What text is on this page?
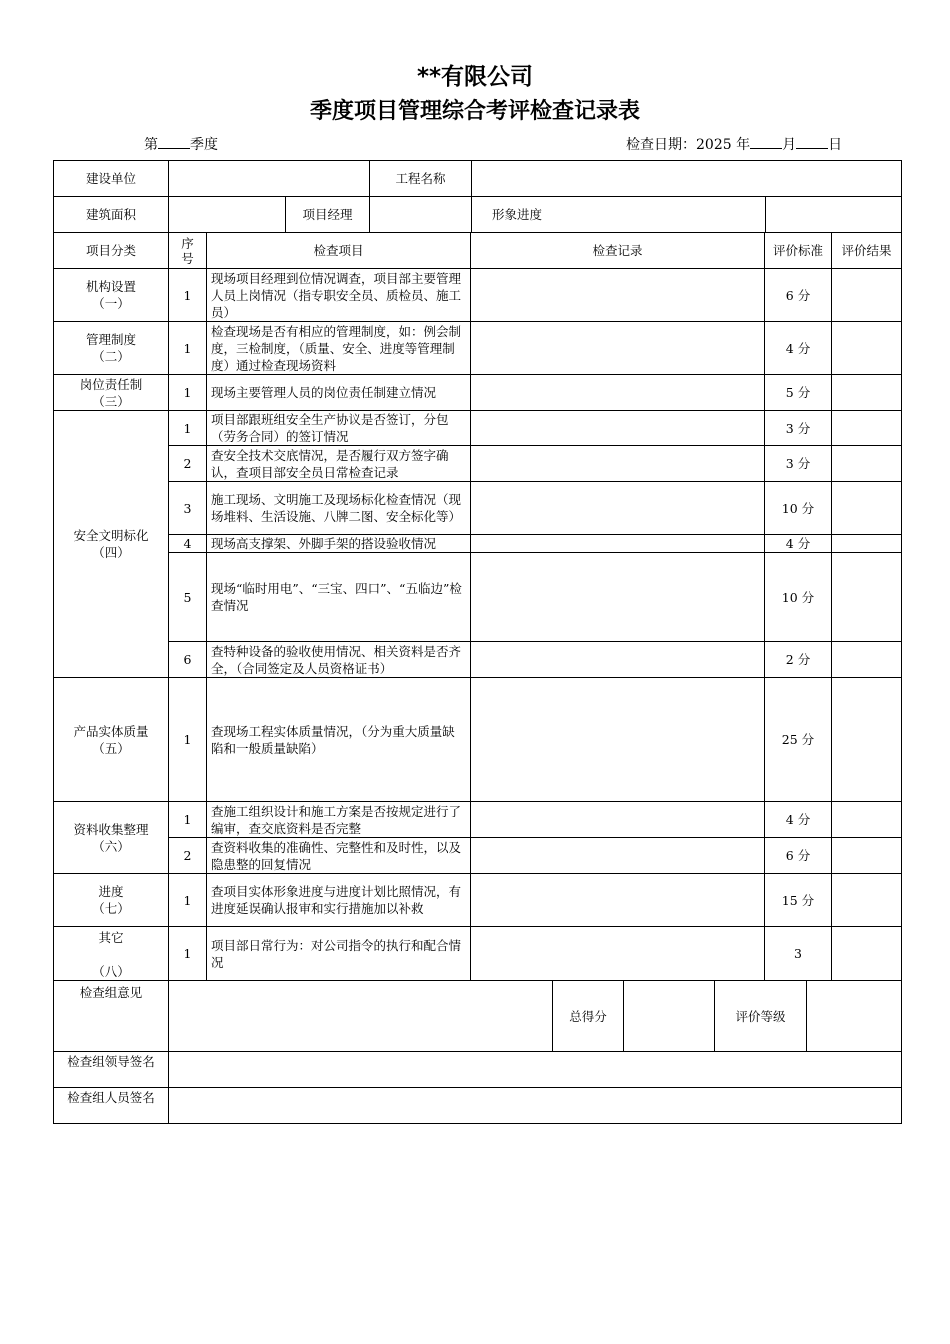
**有限公司
季度项目管理综合考评检查记录表
第 季度	检查日期：2025 年 月 日
建设单位			工程名称		
建筑面积		项目经理		形象进度	
项目分类	序号	检查项目	检查记录	评价标准	评价结果

机构设置
（一）	1	现场项目经理到位情况调查，项目部主要管理人员上岗情况（指专职安全员、质检员、施工员）		6 分	

管理制度
（二）	1	检查现场是否有相应的管理制度，如：例会制度，三检制度，（质量、安全、进度等管理制度）通过检查现场资料		4 分	

岗位责任制
（三）	1	现场主要管理人员的岗位责任制建立情况		5 分	

安全文明标化
（四）	1	项目部跟班组安全生产协议是否签订，分包（劳务合同）的签订情况		3 分	
	2	查安全技术交底情况，是否履行双方签字确认，查项目部安全员日常检查记录		3 分	
	3	施工现场、文明施工及现场标化检查情况（现场堆料、生活设施、八牌二图、安全标化等）		10 分	
	4	现场高支撑架、外脚手架的搭设验收情况		4 分	
	5	现场“临时用电”、“三宝、四口”、“五临边”检查情况		10 分	
	6	查特种设备的验收使用情况、相关资料是否齐全，（合同签定及人员资格证书）		2 分	

产品实体质量
（五）	1	查现场工程实体质量情况，（分为重大质量缺陷和一般质量缺陷）		25 分	

资料收集整理
（六）	1	查施工组织设计和施工方案是否按规定进行了编审，查交底资料是否完整		4 分	
	2	查资料收集的准确性、完整性和及时性，以及隐患整的回复情况		6 分	

进度
（七）	1	查项目实体形象进度与进度计划比照情况，有进度延误确认报审和实行措施加以补救		15 分	

其它
（八）	1	项目部日常行为：对公司指令的执行和配合情况		3	
检查组意见		总得分		评价等级	
检查组领导签名					
检查组人员签名					
